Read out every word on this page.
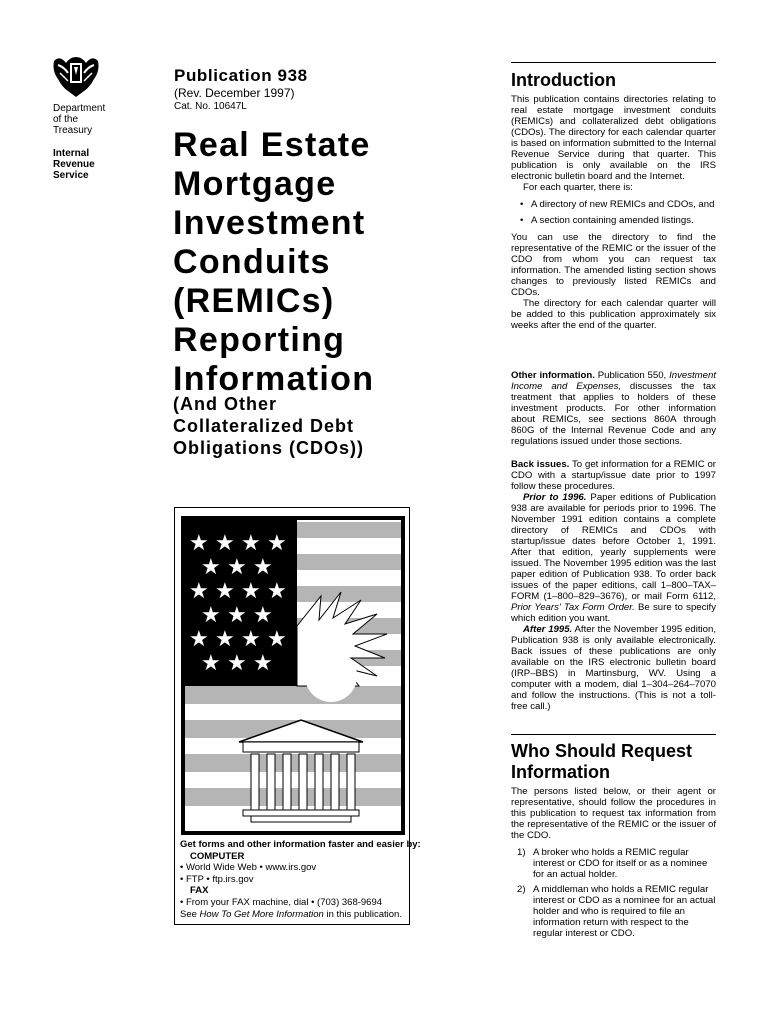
Department
of the
Treasury
Internal
Revenue
Service
Publication 938
(Rev. December 1997)
Cat. No. 10647L
Real Estate
Mortgage
Investment
Conduits
(REMICs)
Reporting
Information
(And Other
Collateralized Debt
Obligations (CDOs))
★ ★ ★ ★
★ ★ ★
★ ★ ★ ★
★ ★ ★
★ ★ ★ ★
★ ★ ★
Get forms and other information faster and easier by:
COMPUTER
• World Wide Web • www.irs.gov
• FTP • ftp.irs.gov
FAX
• From your FAX machine, dial • (703) 368-9694
See How To Get More Information in this publication.
Introduction
This publication contains directories relating to real estate mortgage investment conduits (REMICs) and collateralized debt obligations (CDOs). The directory for each calendar quarter is based on information submitted to the Internal Revenue Service during that quarter. This publication is only available on the IRS electronic bulletin board and the Internet.
For each quarter, there is:
• A directory of new REMICs and CDOs, and
• A section containing amended listings.
You can use the directory to find the representative of the REMIC or the issuer of the CDO from whom you can request tax information. The amended listing section shows changes to previously listed REMICs and CDOs.
The directory for each calendar quarter will be added to this publication approximately six weeks after the end of the quarter.
Other information. Publication 550, Investment Income and Expenses, discusses the tax treatment that applies to holders of these investment products. For other information about REMICs, see sections 860A through 860G of the Internal Revenue Code and any regulations issued under those sections.
Back issues. To get information for a REMIC or CDO with a startup/issue date prior to 1997 follow these procedures.
Prior to 1996. Paper editions of Publication 938 are available for periods prior to 1996. The November 1991 edition contains a complete directory of REMICs and CDOs with startup/issue dates before October 1, 1991. After that edition, yearly supplements were issued. The November 1995 edition was the last paper edition of Publication 938. To order back issues of the paper editions, call 1–800–TAX–FORM (1–800–829–3676), or mail Form 6112, Prior Years' Tax Form Order. Be sure to specify which edition you want.
After 1995. After the November 1995 edition, Publication 938 is only available electronically. Back issues of these publications are only available on the IRS electronic bulletin board (IRP–BBS) in Martinsburg, WV. Using a computer with a modem, dial 1–304–264–7070 and follow the instructions. (This is not a toll-free call.)
Who Should Request
Information
The persons listed below, or their agent or representative, should follow the procedures in this publication to request tax information from the representative of the REMIC or the issuer of the CDO.
1) A broker who holds a REMIC regular interest or CDO for itself or as a nominee for an actual holder.
2) A middleman who holds a REMIC regular interest or CDO as a nominee for an actual holder and who is required to file an information return with respect to the regular interest or CDO.
